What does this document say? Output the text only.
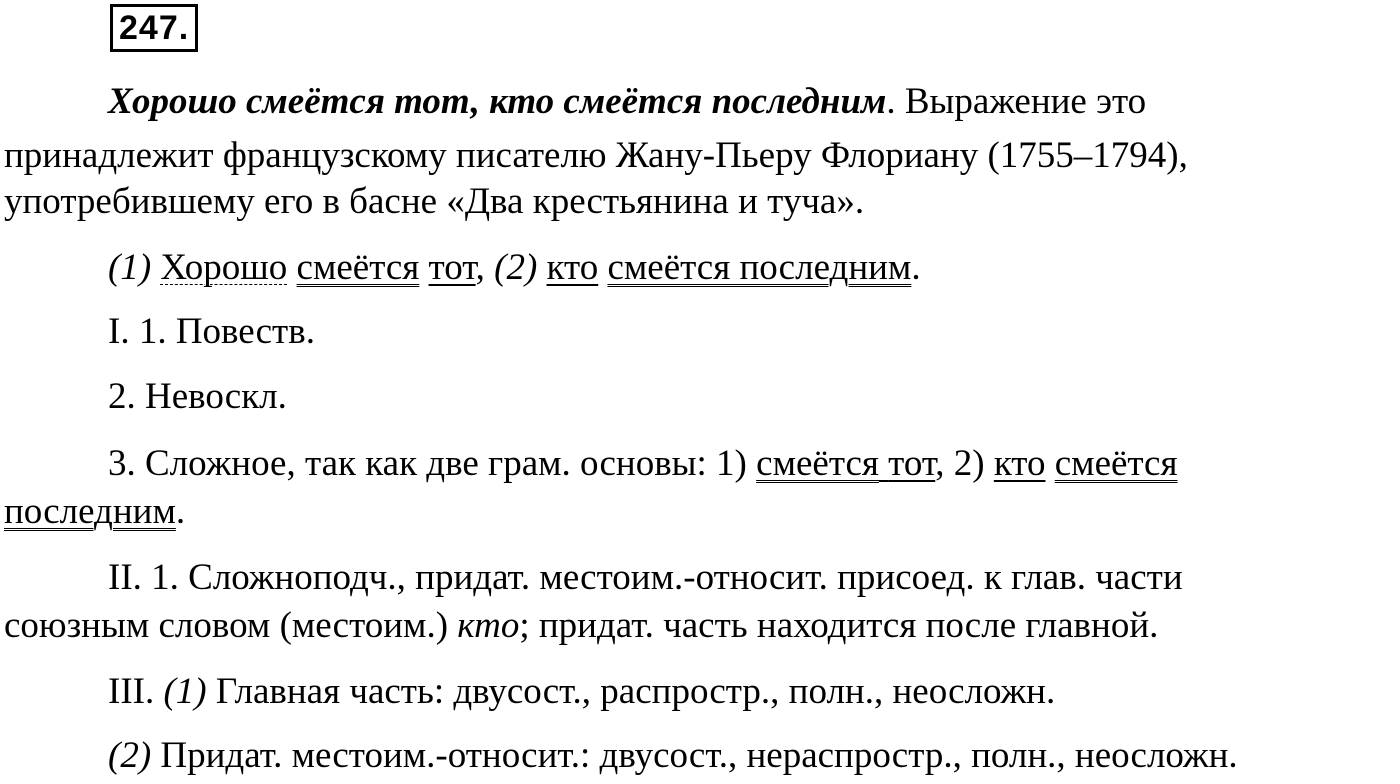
247.
Хорошо смеётся тот, кто смеётся последним. Выражение это
принадлежит французскому писателю Жану-Пьеру Флориану (1755–1794),
употребившему его в басне «Два крестьянина и туча».
(1) Хорошо смеётся тот, (2) кто смеётся последним.
I. 1. Повеств.
2. Невоскл.
3. Сложное, так как две грам. основы: 1) смеётся тот, 2) кто смеётся
последним.
II. 1. Сложноподч., придат. местоим.-относит. присоед. к глав. части
союзным словом (местоим.) кто; придат. часть находится после главной.
III. (1) Главная часть: двусост., распростр., полн., неосложн.
(2) Придат. местоим.-относит.: двусост., нераспростр., полн., неосложн.
